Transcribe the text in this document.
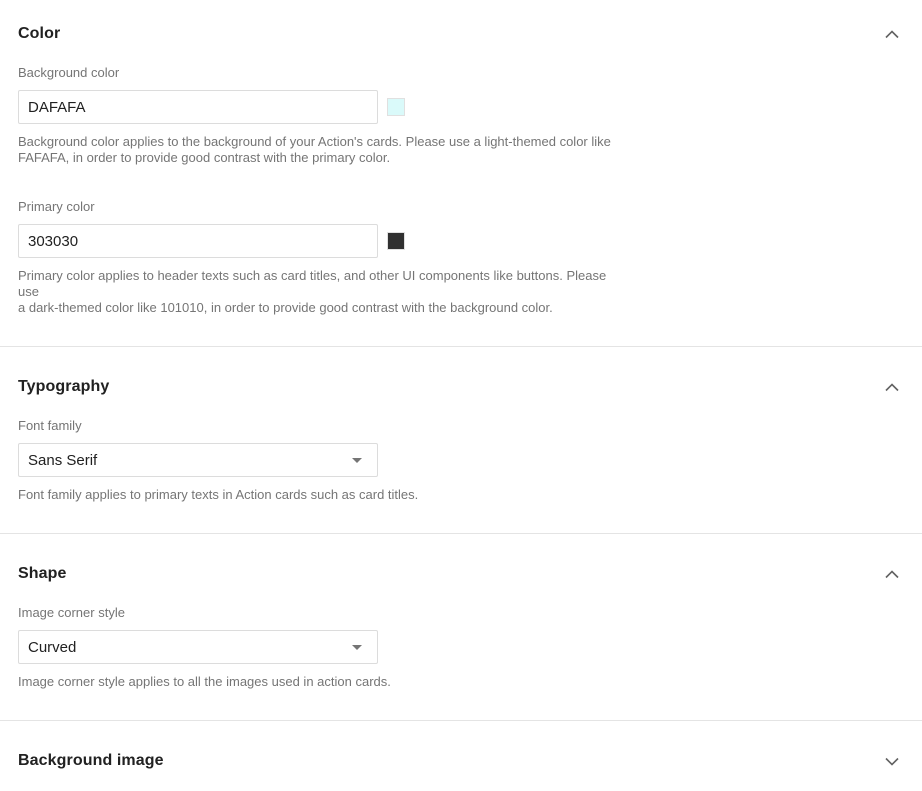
Color
Background color
DAFAFA
Background color applies to the background of your Action's cards. Please use a light-themed color like
FAFAFA, in order to provide good contrast with the primary color.
Primary color
303030
Primary color applies to header texts such as card titles, and other UI components like buttons. Please use
a dark-themed color like 101010, in order to provide good contrast with the background color.
Typography
Font family
Sans Serif
Font family applies to primary texts in Action cards such as card titles.
Shape
Image corner style
Curved
Image corner style applies to all the images used in action cards.
Background image
